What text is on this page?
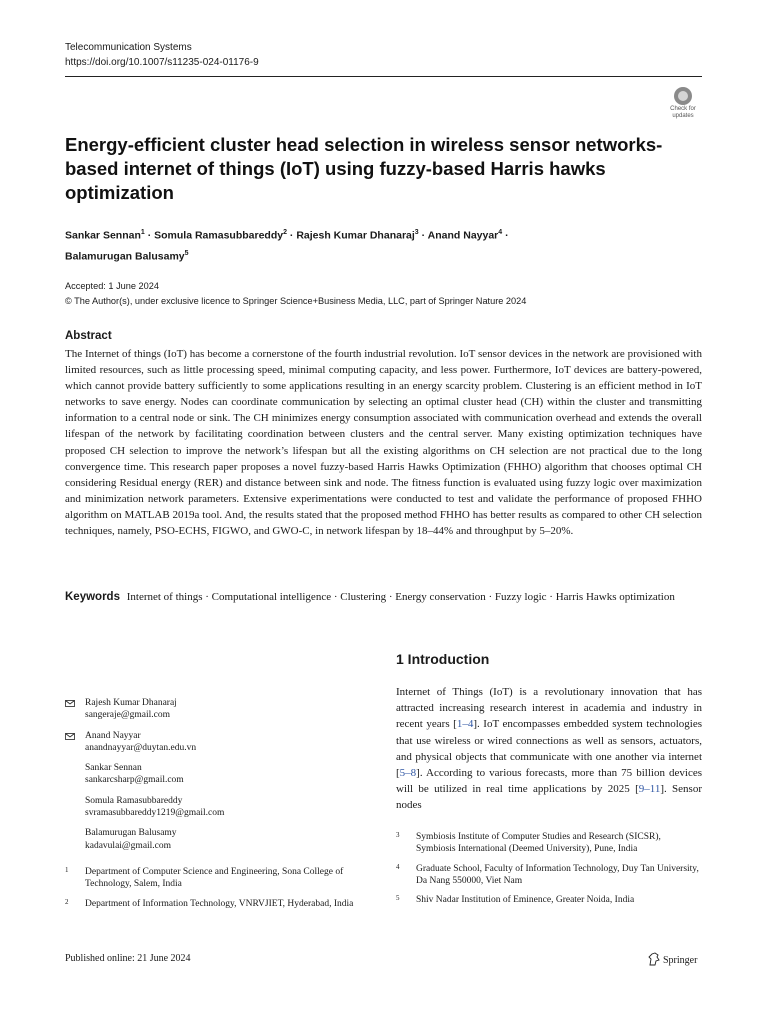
Telecommunication Systems
https://doi.org/10.1007/s11235-024-01176-9
Check for
updates
Energy-efficient cluster head selection in wireless sensor networks-based internet of things (IoT) using fuzzy-based Harris hawks optimization
Sankar Sennan$^1$ · Somula Ramasubbareddy$^2$ · Rajesh Kumar Dhanaraj$^3$ · Anand Nayyar$^4$ ·
Balamurugan Balusamy$^5$
Accepted: 1 June 2024
© The Author(s), under exclusive licence to Springer Science+Business Media, LLC, part of Springer Nature 2024
Abstract
The Internet of things (IoT) has become a cornerstone of the fourth industrial revolution. IoT sensor devices in the network are provisioned with limited resources, such as little processing speed, minimal computing capacity, and less power. Furthermore, IoT devices are battery-powered, which cannot provide battery sufficiently to some applications resulting in an energy scarcity problem. Clustering is an efficient method in IoT networks to save energy. Nodes can coordinate communication by selecting an optimal cluster head (CH) within the cluster and transmitting information to a central node or sink. The CH minimizes energy consumption associated with communication overhead and extends the overall lifespan of the network by facilitating coordination between clusters and the central server. Many existing optimization techniques have proposed CH selection to improve the network’s lifespan but all the existing algorithms on CH selection are not practical due to the long convergence time. This research paper proposes a novel fuzzy-based Harris Hawks Optimization (FHHO) algorithm that chooses optimal CH considering Residual energy (RER) and distance between sink and node. The fitness function is evaluated using fuzzy logic over maximization and minimization network parameters. Extensive experimentations were conducted to test and validate the performance of proposed FHHO algorithm on MATLAB 2019a tool. And, the results stated that the proposed method FHHO has better results as compared to other CH selection techniques, namely, PSO-ECHS, FIGWO, and GWO-C, in network lifespan by 18–44% and throughput by 5–20%.
Keywords Internet of things · Computational intelligence · Clustering · Energy conservation · Fuzzy logic · Harris Hawks optimization
1 Introduction
Internet of Things (IoT) is a revolutionary innovation that has attracted increasing research interest in academia and industry in recent years [1–4]. IoT encompasses embedded system technologies that use wireless or wired connections as well as sensors, actuators, and physical objects that communicate with one another via internet [5–8]. According to various forecasts, more than 75 billion devices will be utilized in real time applications by 2025 [9–11]. Sensor nodes
Rajesh Kumar Dhanaraj
sangeraje@gmail.com
Anand Nayyar
anandnayyar@duytan.edu.vn
Sankar Sennan
sankarcsharp@gmail.com
Somula Ramasubbareddy
svramasubbareddy1219@gmail.com
Balamurugan Balusamy
kadavulai@gmail.com
1 Department of Computer Science and Engineering, Sona College of Technology, Salem, India
2 Department of Information Technology, VNRVJIET, Hyderabad, India
3 Symbiosis Institute of Computer Studies and Research (SICSR), Symbiosis International (Deemed University), Pune, India
4 Graduate School, Faculty of Information Technology, Duy Tan University, Da Nang 550000, Viet Nam
5 Shiv Nadar Institution of Eminence, Greater Noida, India
Published online: 21 June 2024	Springer
